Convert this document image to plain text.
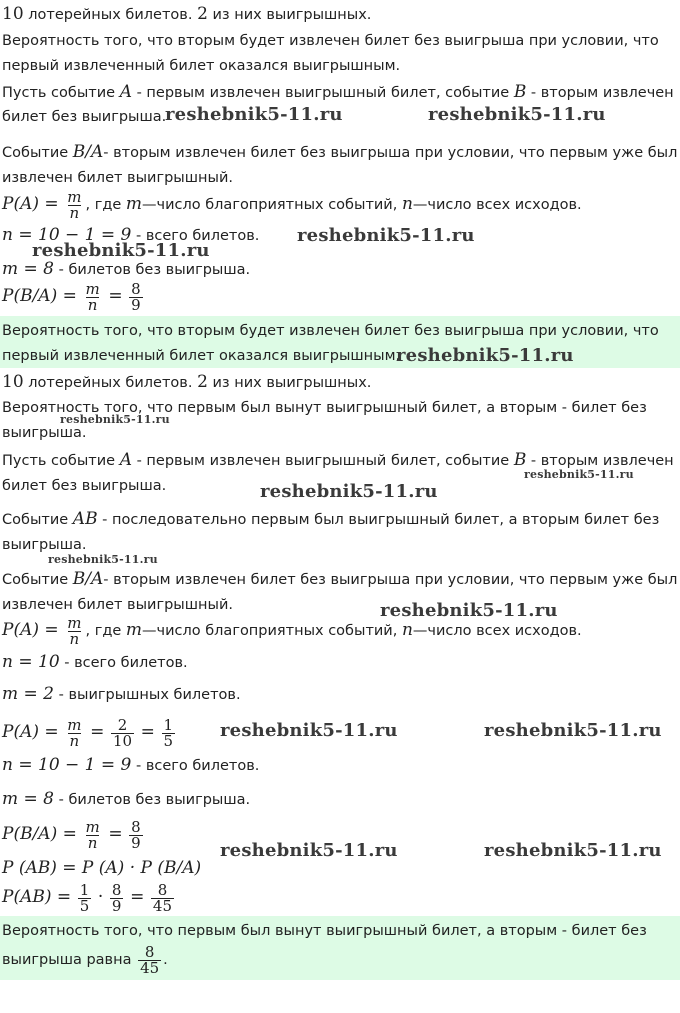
10 лотерейных билетов. 2 из них выигрышных.
Вероятность того, что вторым будет извлечен билет без выигрыша при условии, что
первый извлеченный билет оказался выигрышным.
Пусть событие A - первым извлечен выигрышный билет, событие B - вторым извлечен
билет без выигрыша.
Событие B/A- вторым извлечен билет без выигрыша при условии, что первым уже был
извлечен билет выигрышный.
$P(A) = \frac{m}{n}$ , где m—число благоприятных событий, n—число всех исходов.
n = 10 − 1 = 9 - всего билетов.
m = 8 - билетов без выигрыша.
$P(B/A) = \frac{m}{n} = \frac{8}{9}$
Вероятность того, что вторым будет извлечен билет без выигрыша при условии, что
первый извлеченный билет оказался выигрышным.
10 лотерейных билетов. 2 из них выигрышных.
Вероятность того, что первым был вынут выигрышный билет, а вторым - билет без
выигрыша.
Пусть событие A - первым извлечен выигрышный билет, событие B - вторым извлечен
билет без выигрыша.
Событие AB - последовательно первым был выигрышный билет, а вторым билет без
выигрыша.
Событие B/A- вторым извлечен билет без выигрыша при условии, что первым уже был
извлечен билет выигрышный.
$P(A) = \frac{m}{n}$ , где m—число благоприятных событий, n—число всех исходов.
n = 10 - всего билетов.
m = 2 - выигрышных билетов.
$P(A) = \frac{m}{n} = \frac{2}{10} = \frac{1}{5}$
n = 10 − 1 = 9 - всего билетов.
m = 8 - билетов без выигрыша.
$P(B/A) = \frac{m}{n} = \frac{8}{9}$
P (AB) = P (A) · P (B/A)
$P(AB) = \frac{1}{5} \cdot \frac{8}{9} = \frac{8}{45}$
Вероятность того, что первым был вынут выигрышный билет, а вторым - билет без
выигрыша равна $\frac{8}{45}$ .
reshebnik5-11.ru	reshebnik5-11.ru
reshebnik5-11.ru
reshebnik5-11.ru
reshebnik5-11.ru
reshebnik5-11.ru
reshebnik5-11.ru
reshebnik5-11.ru
reshebnik5-11.ru
reshebnik5-11.ru
reshebnik5-11.ru	reshebnik5-11.ru
reshebnik5-11.ru	reshebnik5-11.ru
